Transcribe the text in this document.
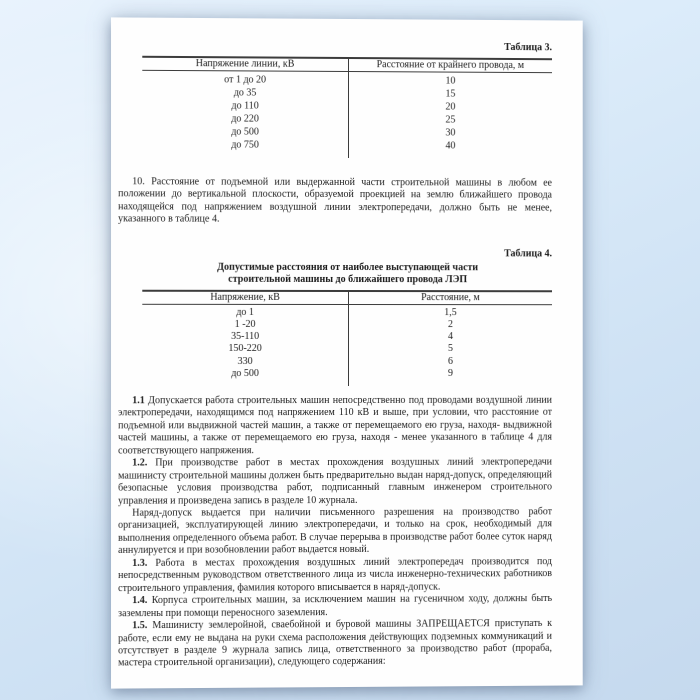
Таблица 3.
Напряжение линии, кВ	Расстояние от крайнего провода, м
от 1 до 20	10
до 35	15
до 110	20
до 220	25
до 500	30
до 750	40

10. Расстояние от подъемной или выдержанной части строительной машины в любом ее положении до вертикальной плоскости, образуемой проекцией на землю ближайшего провода находящейся под напряжением воздушной линии электропередачи, должно быть не менее, указанного в таблице 4.

Таблица 4.
Допустимые расстояния от наиболее выступающей части
строительной машины до ближайшего провода ЛЭП
Напряжение, кВ	Расстояние, м
до 1	1,5
1 -20	2
35-110	4
150-220	5
330	6
до 500	9

1.1 Допускается работа строительных машин непосредственно под проводами воздушной линии электропередачи, находящимся под напряжением 110 кВ и выше, при условии, что расстояние от подъемной или выдвижной частей машин, а также от перемещаемого ею груза, находя- выдвижной частей машины, а также от перемещаемого ею груза, находя - менее указанного в таблице 4 для соответствующего напряжения.

1.2. При производстве работ в местах прохождения воздушных линий электропередачи машинисту строительной машины должен быть предварительно выдан наряд-допуск, определяющий безопасные условия производства работ, подписанный главным инженером строительного управления и произведена запись в разделе 10 журнала.

Наряд-допуск выдается при наличии письменного разрешения на производство работ организацией, эксплуатирующей линию электропередачи, и только на срок, необходимый для выполнения определенного объема работ. В случае перерыва в производстве работ более суток наряд аннулируется и при возобновлении работ выдается новый.

1.3. Работа в местах прохождения воздушных линий электропередач производится под непосредственным руководством ответственного лица из числа инженерно-технических работников строительного управления, фамилия которого вписывается в наряд-допуск.

1.4. Корпуса строительных машин, за исключением машин на гусеничном ходу, должны быть заземлены при помощи переносного заземления.

1.5. Машинисту землеройной, сваебойной и буровой машины ЗАПРЕЩАЕТСЯ приступать к работе, если ему не выдана на руки схема расположения действующих подземных коммуникаций и отсутствует в разделе 9 журнала запись лица, ответственного за производство работ (прораба, мастера строительной организации), следующего содержания:
